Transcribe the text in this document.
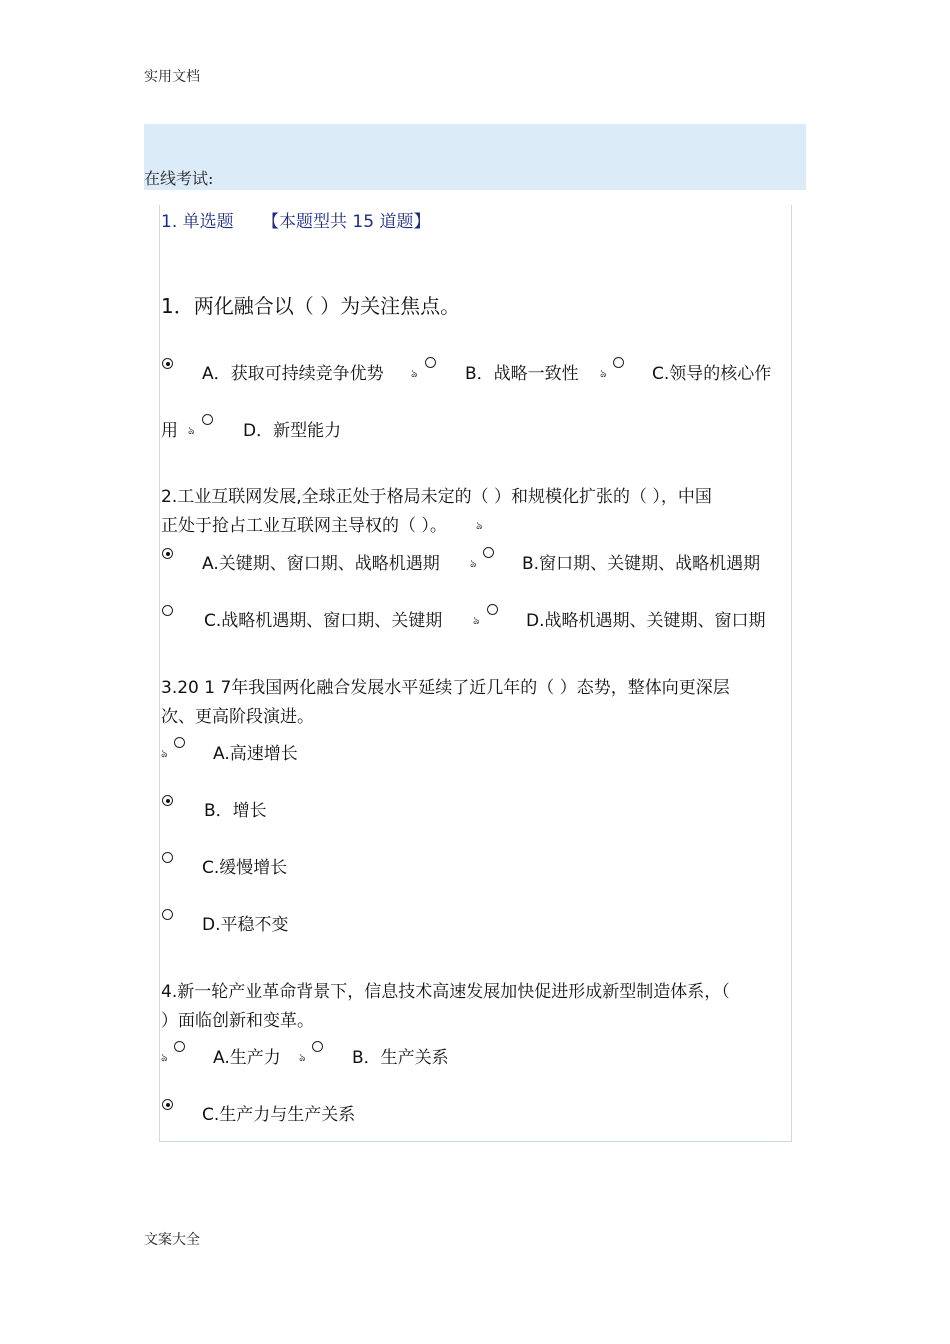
实用文档
文案大全
在线考试:
1. 单选题 【本题型共 15 道题】
1．两化融合以（ ）为关注焦点。
A．获取可持续竞争优势 ঌ	B．战略一致性 ঌ	C.领导的核心作
用 ঌ	D．新型能力
2.工业互联网发展,全球正处于格局未定的（ ）和规模化扩张的（ ），中国
正处于抢占工业互联网主导权的（ ）。	ঌ
A.关键期、窗口期、战略机遇期	ঌ	B.窗口期、关键期、战略机遇期
C.战略机遇期、窗口期、关键期	ঌ	D.战略机遇期、关键期、窗口期
3.20 1 7年我国两化融合发展水平延续了近几年的（ ）态势，整体向更深层
次、更高阶段演进。
ঌ	A.高速增长
B．增长
C.缓慢增长
D.平稳不变
4.新一轮产业革命背景下，信息技术高速发展加快促进形成新型制造体系，（
）面临创新和变革。
ঌ	A.生产力 ঌ	B．生产关系
C.生产力与生产关系
